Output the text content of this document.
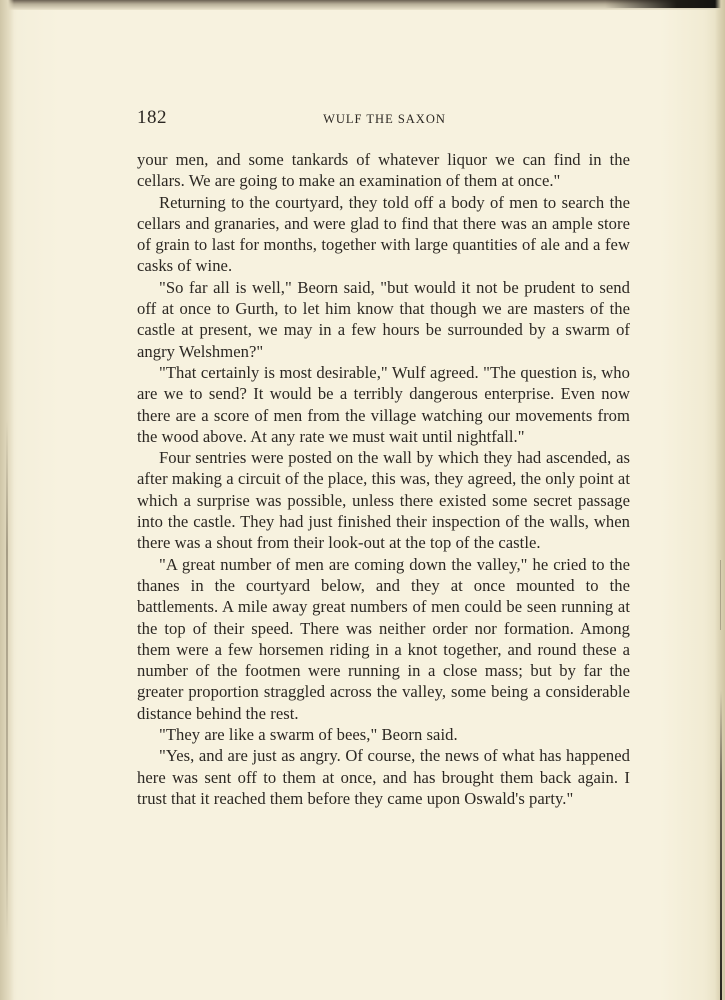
182	WULF THE SAXON

your men, and some tankards of whatever liquor we can find in the cellars. We are going to make an examination of them at once."

Returning to the courtyard, they told off a body of men to search the cellars and granaries, and were glad to find that there was an ample store of grain to last for months, together with large quantities of ale and a few casks of wine.

"So far all is well," Beorn said, "but would it not be prudent to send off at once to Gurth, to let him know that though we are masters of the castle at present, we may in a few hours be surrounded by a swarm of angry Welshmen?"

"That certainly is most desirable," Wulf agreed. "The question is, who are we to send? It would be a terribly dangerous enterprise. Even now there are a score of men from the village watching our movements from the wood above. At any rate we must wait until nightfall."

Four sentries were posted on the wall by which they had ascended, as after making a circuit of the place, this was, they agreed, the only point at which a surprise was possible, unless there existed some secret passage into the castle. They had just finished their inspection of the walls, when there was a shout from their look-out at the top of the castle.

"A great number of men are coming down the valley," he cried to the thanes in the courtyard below, and they at once mounted to the battlements. A mile away great numbers of men could be seen running at the top of their speed. There was neither order nor formation. Among them were a few horsemen riding in a knot together, and round these a number of the footmen were running in a close mass; but by far the greater proportion straggled across the valley, some being a considerable distance behind the rest.

"They are like a swarm of bees," Beorn said.

"Yes, and are just as angry. Of course, the news of what has happened here was sent off to them at once, and has brought them back again. I trust that it reached them before they came upon Oswald's party."
